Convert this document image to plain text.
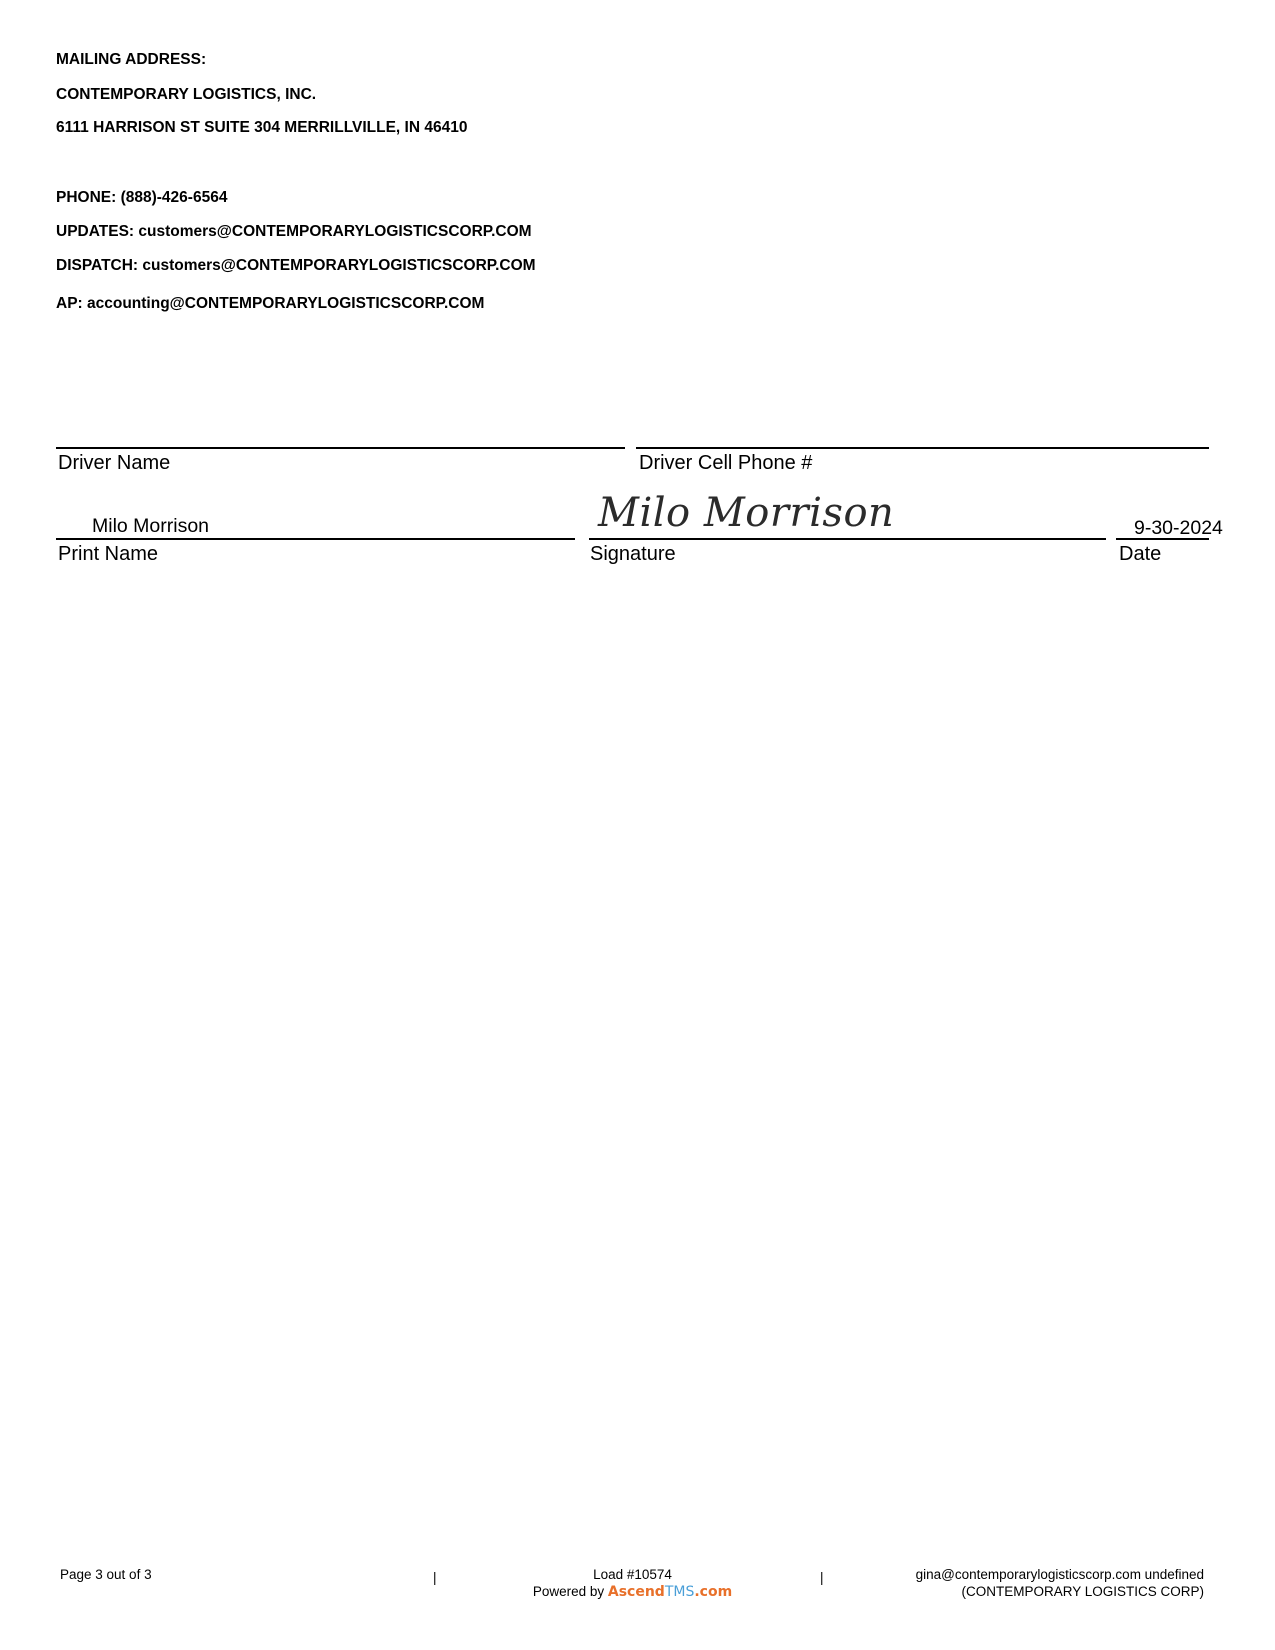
MAILING ADDRESS:
CONTEMPORARY LOGISTICS, INC.
6111 HARRISON ST SUITE 304 MERRILLVILLE, IN 46410
PHONE: (888)-426-6564
UPDATES: customers@CONTEMPORARYLOGISTICSCORP.COM
DISPATCH: customers@CONTEMPORARYLOGISTICSCORP.COM
AP: accounting@CONTEMPORARYLOGISTICSCORP.COM
Driver Name	Driver Cell Phone #
Milo Morrison
Print Name
Milo Morrison
Signature
9-30-2024
Date
Page 3 out of 3	|	Load #10574
Powered by AscendTMS.com
|	gina@contemporarylogisticscorp.com undefined
(CONTEMPORARY LOGISTICS CORP)
